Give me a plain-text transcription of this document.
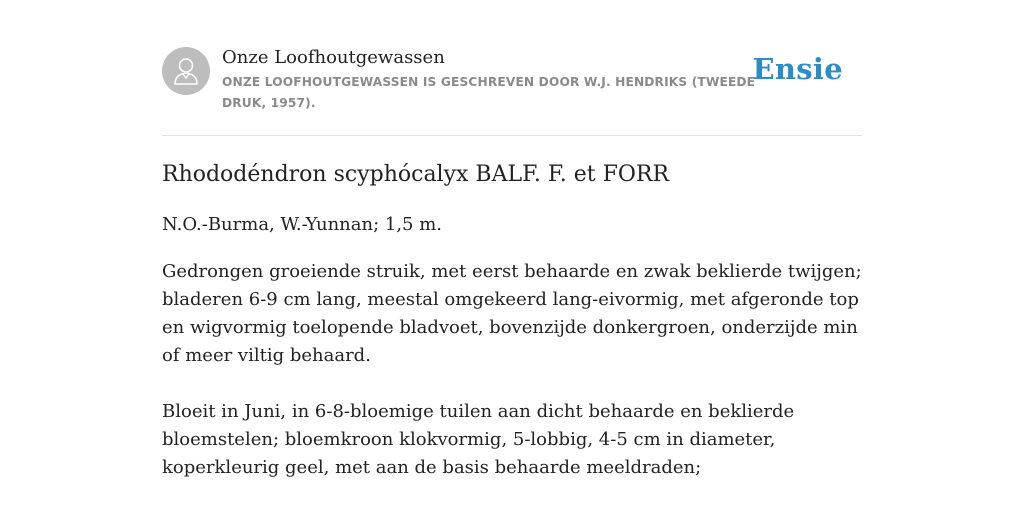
Onze Loofhoutgewassen
ONZE LOOFHOUTGEWASSEN IS GESCHREVEN DOOR W.J. HENDRIKS (TWEEDE DRUK, 1957).
Ensie
Rhododéndron scyphócalyx BALF. F. et FORR

N.O.-Burma, W.-Yunnan; 1,5 m.

Gedrongen groeiende struik, met eerst behaarde en zwak beklierde twijgen; bladeren 6-9 cm lang, meestal omgekeerd lang-eivormig, met afgeronde top en wigvormig toelopende bladvoet, bovenzijde donkergroen, onderzijde min of meer viltig behaard.

Bloeit in Juni, in 6-8-bloemige tuilen aan dicht behaarde en beklierde bloemstelen; bloemkroon klokvormig, 5-lobbig, 4-5 cm in diameter, koperkleurig geel, met aan de basis behaarde meeldraden;
